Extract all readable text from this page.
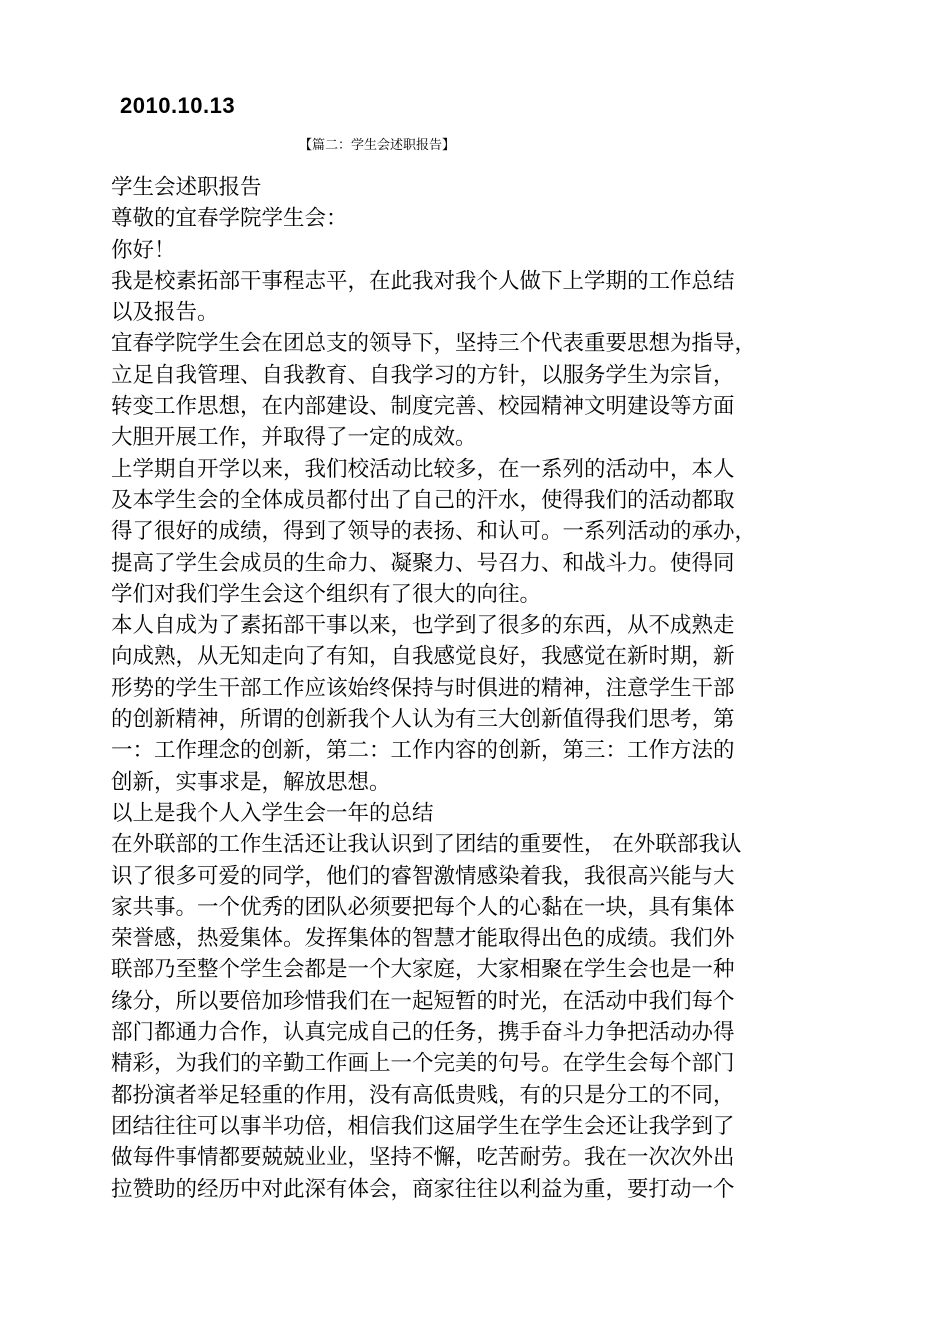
2010.10.13
【篇二：学生会述职报告】
学生会述职报告
尊敬的宜春学院学生会：
你好！
我是校素拓部干事程志平，在此我对我个人做下上学期的工作总结
以及报告。
宜春学院学生会在团总支的领导下，坚持三个代表重要思想为指导，
立足自我管理、自我教育、自我学习的方针，以服务学生为宗旨，
转变工作思想，在内部建设、制度完善、校园精神文明建设等方面
大胆开展工作，并取得了一定的成效。
上学期自开学以来，我们校活动比较多，在一系列的活动中，本人
及本学生会的全体成员都付出了自己的汗水，使得我们的活动都取
得了很好的成绩，得到了领导的表扬、和认可。一系列活动的承办，
提高了学生会成员的生命力、凝聚力、号召力、和战斗力。使得同
学们对我们学生会这个组织有了很大的向往。
本人自成为了素拓部干事以来，也学到了很多的东西，从不成熟走
向成熟，从无知走向了有知，自我感觉良好，我感觉在新时期，新
形势的学生干部工作应该始终保持与时俱进的精神，注意学生干部
的创新精神，所谓的创新我个人认为有三大创新值得我们思考，第
一：工作理念的创新，第二：工作内容的创新，第三：工作方法的
创新，实事求是，解放思想。
以上是我个人入学生会一年的总结
在外联部的工作生活还让我认识到了团结的重要性， 在外联部我认
识了很多可爱的同学，他们的睿智激情感染着我，我很高兴能与大
家共事。一个优秀的团队必须要把每个人的心黏在一块，具有集体
荣誉感，热爱集体。发挥集体的智慧才能取得出色的成绩。我们外
联部乃至整个学生会都是一个大家庭，大家相聚在学生会也是一种
缘分，所以要倍加珍惜我们在一起短暂的时光，在活动中我们每个
部门都通力合作，认真完成自己的任务，携手奋斗力争把活动办得
精彩，为我们的辛勤工作画上一个完美的句号。在学生会每个部门
都扮演者举足轻重的作用，没有高低贵贱，有的只是分工的不同，
团结往往可以事半功倍，相信我们这届学生在学生会还让我学到了
做每件事情都要兢兢业业，坚持不懈，吃苦耐劳。我在一次次外出
拉赞助的经历中对此深有体会，商家往往以利益为重，要打动一个
